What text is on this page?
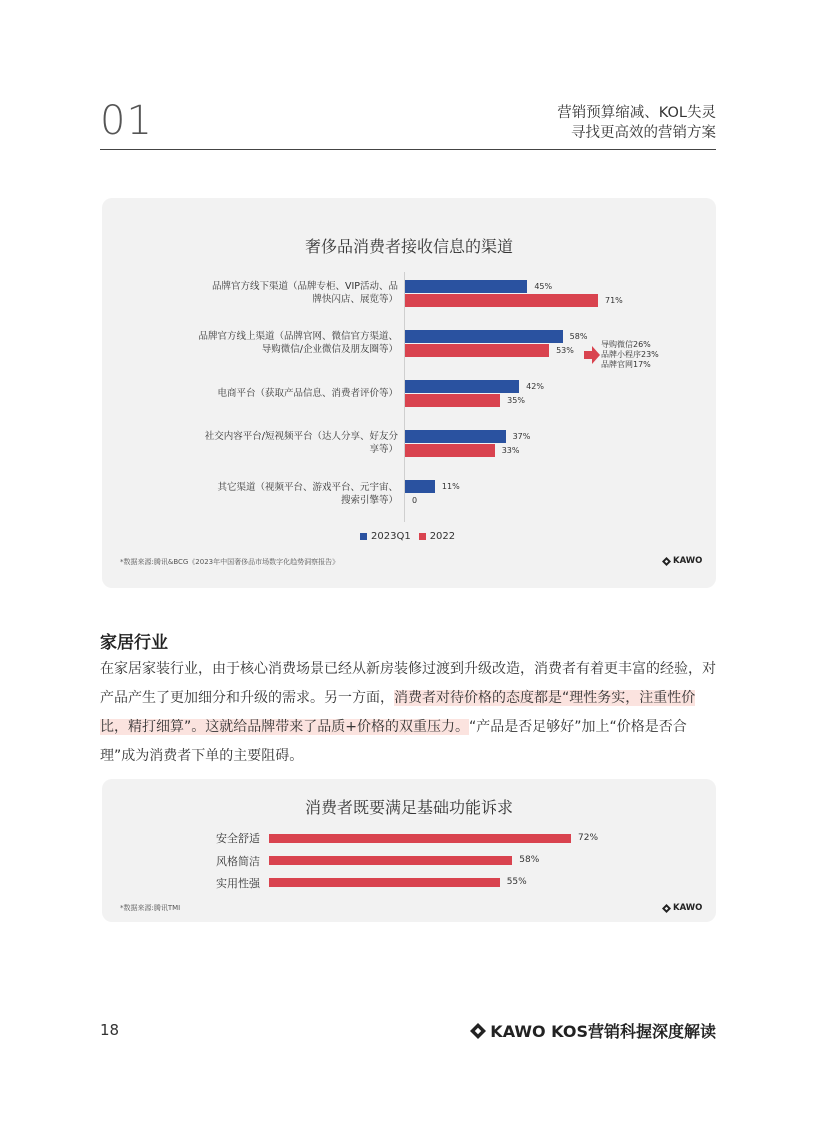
01	营销预算缩减、KOL失灵
寻找更高效的营销方案
奢侈品消费者接收信息的渠道
品牌官方线下渠道（品牌专柜、VIP活动、品
牌快闪店、展览等）
品牌官方线上渠道（品牌官网、微信官方渠道、
导购微信/企业微信及朋友圈等）
电商平台（获取产品信息、消费者评价等）
社交内容平台/短视频平台（达人分享、好友分
享等）
其它渠道（视频平台、游戏平台、元宇宙、
搜索引擎等）
45%
58%
42%
37%
11%
71%
53%
35%
33%
0
导购微信26%
品牌小程序23%
品牌官网17%
2023Q1 2022
*数据来源:腾讯&BCG《2023年中国奢侈品市场数字化趋势洞察报告》	KAWO
家居行业
在家居家装行业，由于核心消费场景已经从新房装修过渡到升级改造，消费者有着更丰富的经验，对产品产生了更加细分和升级的需求。另一方面，消费者对待价格的态度都是“理性务实，注重性价比，精打细算”。这就给品牌带来了品质+价格的双重压力。“产品是否足够好”加上“价格是否合理”成为消费者下单的主要阻碍。
消费者既要满足基础功能诉求
安全舒适
风格简洁
实用性强
72%
58%
55%
*数据来源:腾讯TMI	KAWO
18	KAWO KOS营销科握深度解读
